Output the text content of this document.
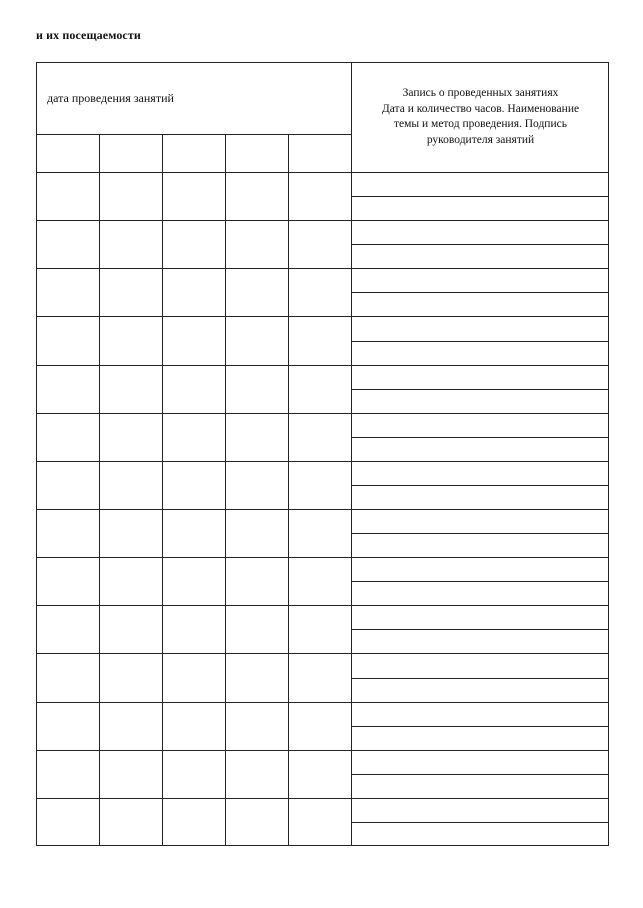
и их посещаемости
дата проведения занятий	Запись о проведенных занятиях
Дата и количество часов. Наименование
темы и метод проведения. Подпись
руководителя занятий
